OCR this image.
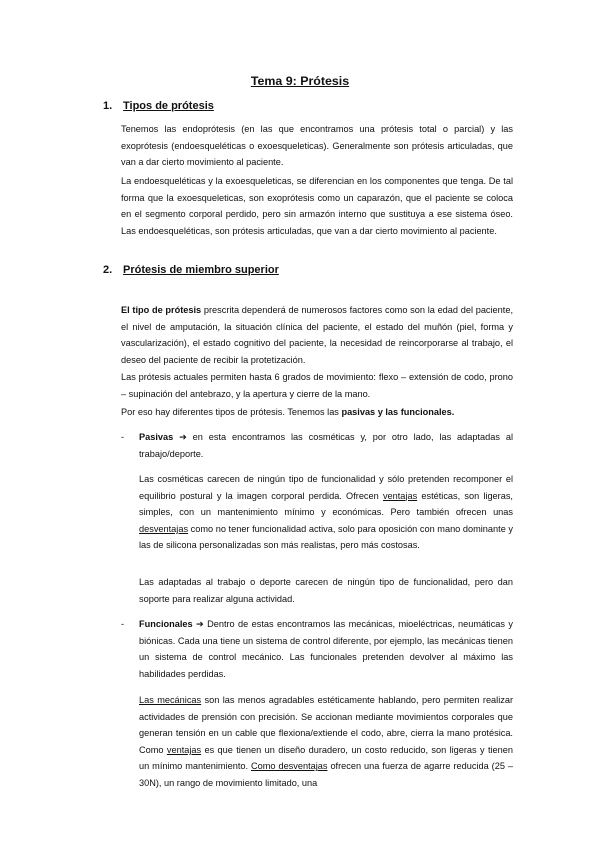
Tema 9: Prótesis
1. Tipos de prótesis

Tenemos las endoprótesis (en las que encontramos una prótesis total o parcial) y las exoprótesis (endoesqueléticas o exoesqueleticas). Generalmente son prótesis articuladas, que van a dar cierto movimiento al paciente.

La endoesqueléticas y la exoesqueleticas, se diferencian en los componentes que tenga. De tal forma que la exoesqueleticas, son exoprótesis como un caparazón, que el paciente se coloca en el segmento corporal perdido, pero sin armazón interno que sustituya a ese sistema óseo. Las endoesqueléticas, son prótesis articuladas, que van a dar cierto movimiento al paciente.

2. Prótesis de miembro superior

El tipo de prótesis prescrita dependerá de numerosos factores como son la edad del paciente, el nivel de amputación, la situación clínica del paciente, el estado del muñón (piel, forma y vascularización), el estado cognitivo del paciente, la necesidad de reincorporarse al trabajo, el deseo del paciente de recibir la protetización.

Las prótesis actuales permiten hasta 6 grados de movimiento: flexo – extensión de codo, prono – supinación del antebrazo, y la apertura y cierre de la mano.

Por eso hay diferentes tipos de prótesis. Tenemos las pasivas y las funcionales.

- Pasivas ➔ en esta encontramos las cosméticas y, por otro lado, las adaptadas al trabajo/deporte.

Las cosméticas carecen de ningún tipo de funcionalidad y sólo pretenden recomponer el equilibrio postural y la imagen corporal perdida. Ofrecen ventajas estéticas, son ligeras, simples, con un mantenimiento mínimo y económicas. Pero también ofrecen unas desventajas como no tener funcionalidad activa, solo para oposición con mano dominante y las de silicona personalizadas son más realistas, pero más costosas.

Las adaptadas al trabajo o deporte carecen de ningún tipo de funcionalidad, pero dan soporte para realizar alguna actividad.

- Funcionales ➔ Dentro de estas encontramos las mecánicas, mioeléctricas, neumáticas y biónicas. Cada una tiene un sistema de control diferente, por ejemplo, las mecánicas tienen un sistema de control mecánico. Las funcionales pretenden devolver al máximo las habilidades perdidas.

Las mecánicas son las menos agradables estéticamente hablando, pero permiten realizar actividades de prensión con precisión. Se accionan mediante movimientos corporales que generan tensión en un cable que flexiona/extiende el codo, abre, cierra la mano protésica. Como ventajas es que tienen un diseño duradero, un costo reducido, son ligeras y tienen un mínimo mantenimiento. Como desventajas ofrecen una fuerza de agarre reducida (25 – 30N), un rango de movimiento limitado, una
